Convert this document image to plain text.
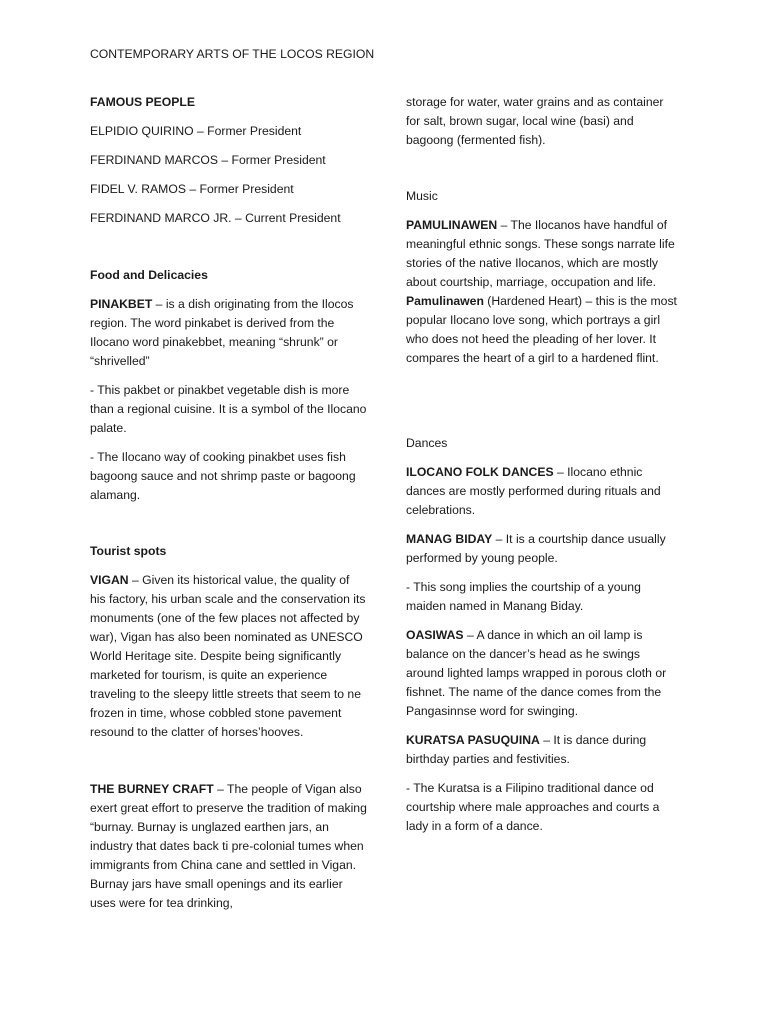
CONTEMPORARY ARTS OF THE LOCOS REGION
FAMOUS PEOPLE
ELPIDIO QUIRINO – Former President
FERDINAND MARCOS – Former President
FIDEL V. RAMOS – Former President
FERDINAND MARCO JR. – Current President
Food and Delicacies
PINAKBET – is a dish originating from the Ilocos region. The word pinkabet is derived from the Ilocano word pinakebbet, meaning “shrunk” or “shrivelled”
- This pakbet or pinakbet vegetable dish is more than a regional cuisine. It is a symbol of the Ilocano palate.
- The Ilocano way of cooking pinakbet uses fish bagoong sauce and not shrimp paste or bagoong alamang.
Tourist spots
VIGAN – Given its historical value, the quality of his factory, his urban scale and the conservation its monuments (one of the few places not affected by war), Vigan has also been nominated as UNESCO World Heritage site. Despite being significantly marketed for tourism, is quite an experience traveling to the sleepy little streets that seem to ne frozen in time, whose cobbled stone pavement resound to the clatter of horses’hooves.
THE BURNEY CRAFT – The people of Vigan also exert great effort to preserve the tradition of making “burnay. Burnay is unglazed earthen jars, an industry that dates back ti pre-colonial tumes when immigrants from China cane and settled in Vigan. Burnay jars have small openings and its earlier uses were for tea drinking,
storage for water, water grains and as container for salt, brown sugar, local wine (basi) and bagoong (fermented fish).
Music
PAMULINAWEN – The Ilocanos have handful of meaningful ethnic songs. These songs narrate life stories of the native Ilocanos, which are mostly about courtship, marriage, occupation and life. Pamulinawen (Hardened Heart) – this is the most popular Ilocano love song, which portrays a girl who does not heed the pleading of her lover. It compares the heart of a girl to a hardened flint.
Dances
ILOCANO FOLK DANCES – Ilocano ethnic dances are mostly performed during rituals and celebrations.
MANAG BIDAY – It is a courtship dance usually performed by young people.
- This song implies the courtship of a young maiden named in Manang Biday.
OASIWAS – A dance in which an oil lamp is balance on the dancer’s head as he swings around lighted lamps wrapped in porous cloth or fishnet. The name of the dance comes from the Pangasinnse word for swinging.
KURATSA PASUQUINA – It is dance during birthday parties and festivities.
- The Kuratsa is a Filipino traditional dance od courtship where male approaches and courts a lady in a form of a dance.
